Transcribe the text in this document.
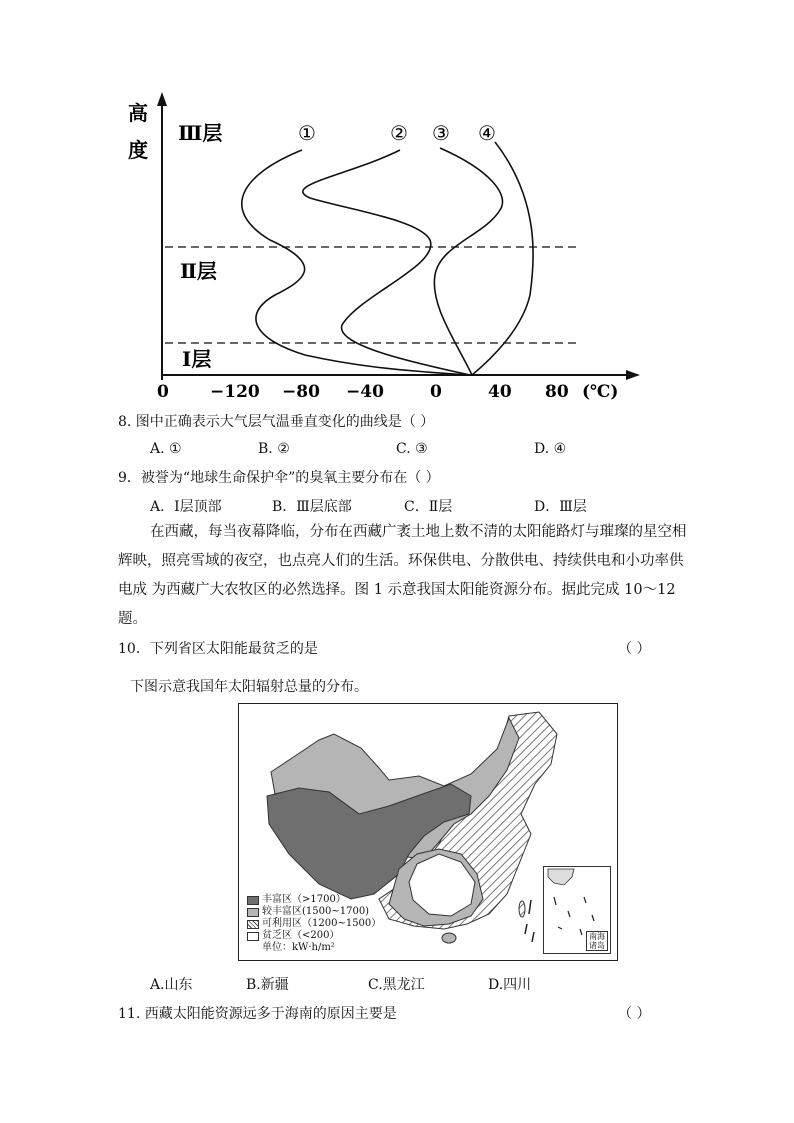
高
度
Ⅲ层
Ⅱ层
Ⅰ层
①	② ③ ④
0 −120 −80 −40	0	40 80 (℃)
8. 图中正确表示大气层气温垂直变化的曲线是（ ）
A. ①	B. ②	C. ③	D. ④
9．被誉为“地球生命保护伞”的臭氧主要分布在（ ）
A．Ⅰ层顶部	B．Ⅲ层底部	C．Ⅱ层	D．Ⅲ层
在西藏，每当夜幕降临，分布在西藏广袤土地上数不清的太阳能路灯与璀璨的星空相辉映，照亮雪域的夜空，也点亮人们的生活。环保供电、分散供电、持续供电和小功率供电成 为西藏广大农牧区的必然选择。图 1 示意我国太阳能资源分布。据此完成 10～12 题。
10．下列省区太阳能最贫乏的是	（ ）
下图示意我国年太阳辐射总量的分布。
丰富区（>1700）
较丰富区(1500~1700)
可利用区（1200~1500）
贫乏区（<200）
单位：kW·h/m²
南海诸岛
A.山东	B.新疆	C.黑龙江	D.四川
11. 西藏太阳能资源远多于海南的原因主要是	（ ）
